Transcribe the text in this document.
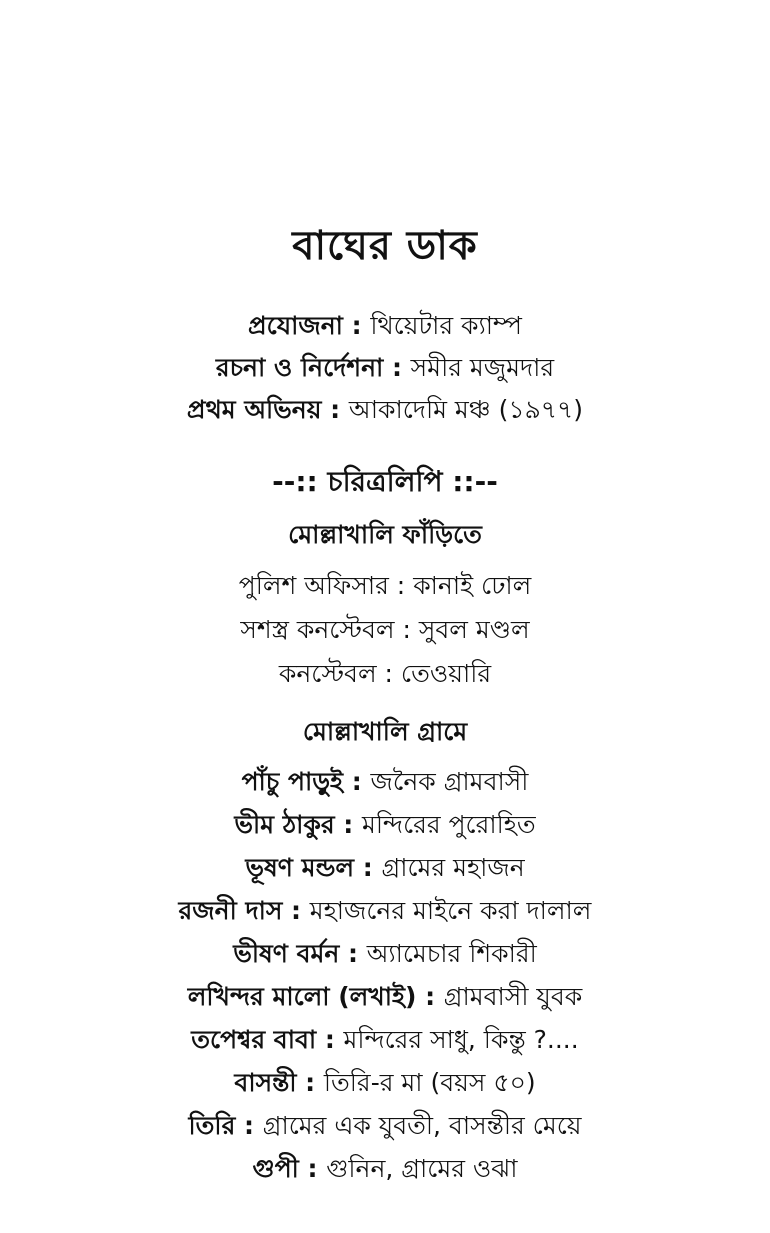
বাঘের ডাক
প্রযোজনা : থিয়েটার ক্যাম্প
রচনা ও নির্দেশনা : সমীর মজুমদার
প্রথম অভিনয় : আকাদেমি মঞ্চ (১৯৭৭)
--:: চরিত্রলিপি ::--
মোল্লাখালি ফাঁড়িতে
পুলিশ অফিসার : কানাই ঢোল
সশস্ত্র কনস্টেবল : সুবল মণ্ডল
কনস্টেবল : তেওয়ারি
মোল্লাখালি গ্রামে
পাঁচু পাড়ুই : জনৈক গ্রামবাসী
ভীম ঠাকুর : মন্দিরের পুরোহিত
ভূষণ মন্ডল : গ্রামের মহাজন
রজনী দাস : মহাজনের মাইনে করা দালাল
ভীষণ বর্মন : অ্যামেচার শিকারী
লখিন্দর মালো (লখাই) : গ্রামবাসী যুবক
তপেশ্বর বাবা : মন্দিরের সাধু, কিন্তু ?....
বাসন্তী : তিরি-র মা (বয়স ৫০)
তিরি : গ্রামের এক যুবতী, বাসন্তীর মেয়ে
গুপী : গুনিন, গ্রামের ওঝা
